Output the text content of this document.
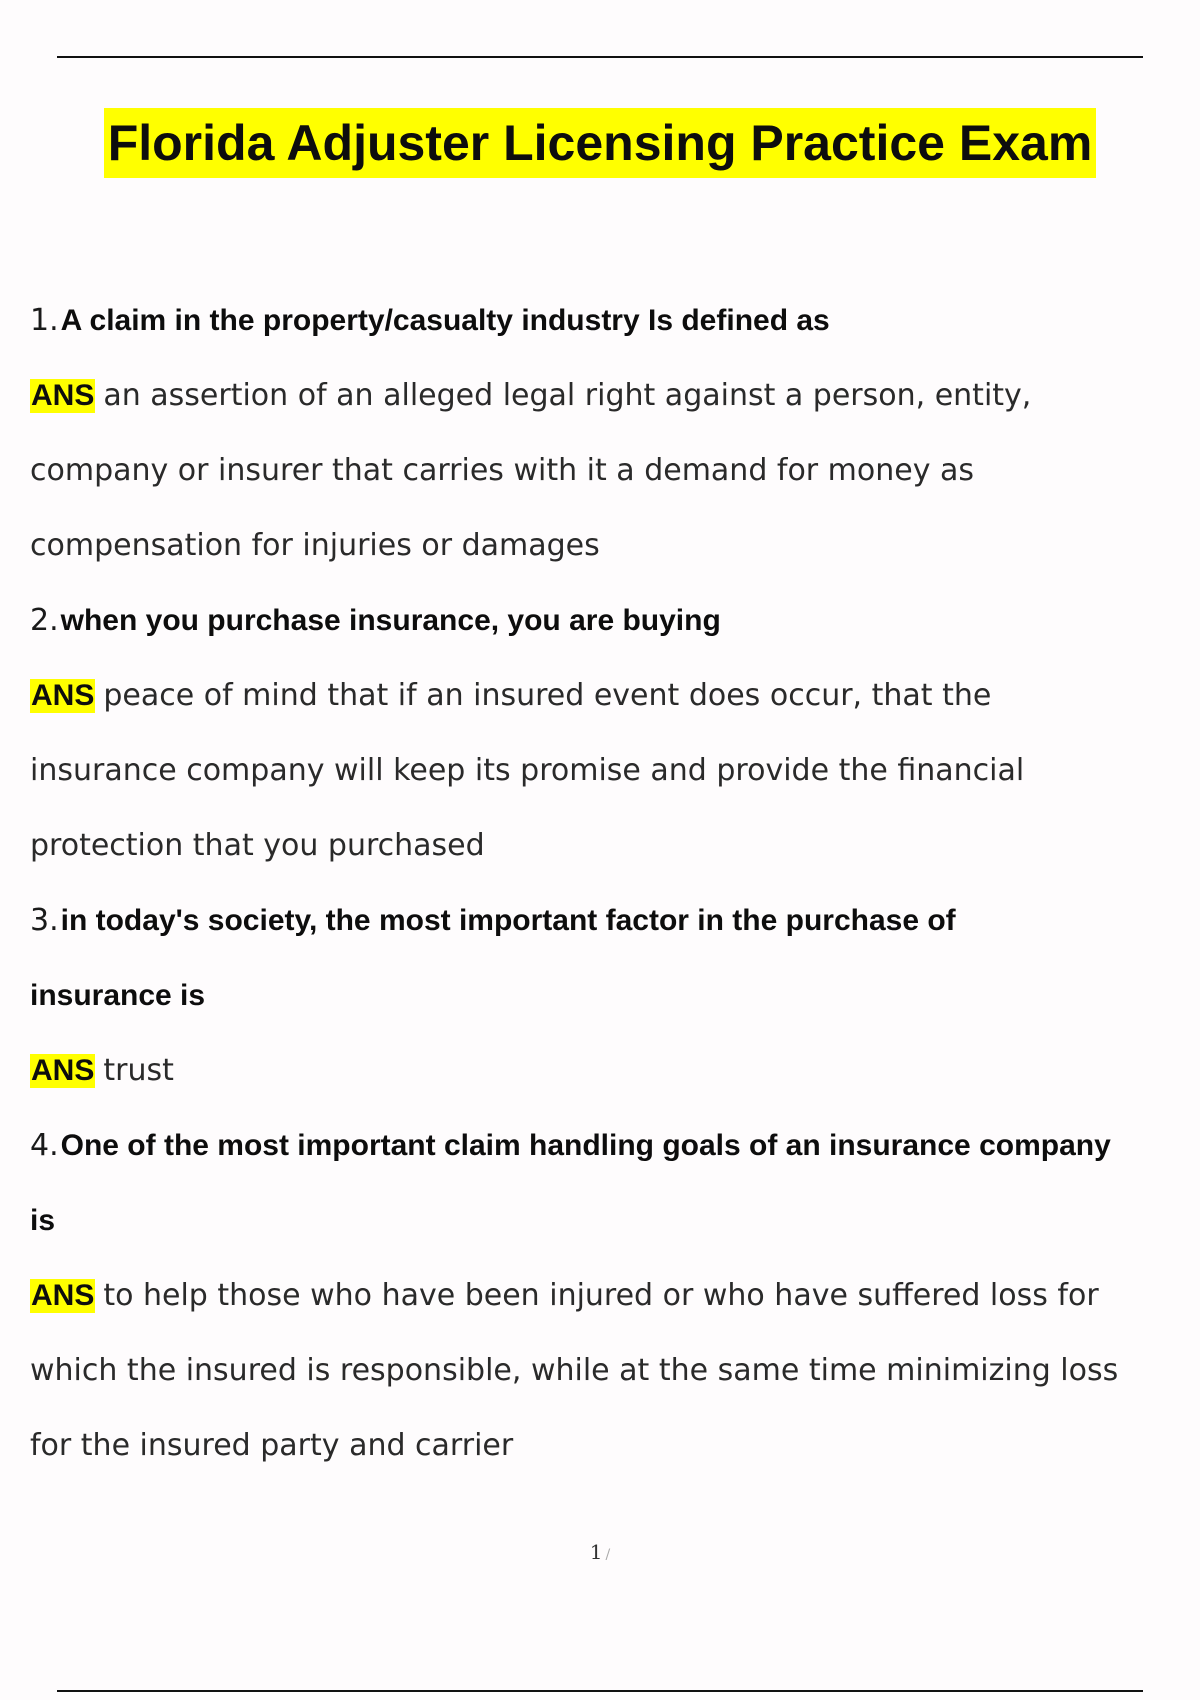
Florida Adjuster Licensing Practice Exam
1. A claim in the property/casualty industry Is defined as
ANS an assertion of an alleged legal right against a person, entity,
company or insurer that carries with it a demand for money as
compensation for injuries or damages
2. when you purchase insurance, you are buying
ANS peace of mind that if an insured event does occur, that the
insurance company will keep its promise and provide the financial
protection that you purchased
3. in today's society, the most important factor in the purchase of
insurance is
ANS trust
4. One of the most important claim handling goals of an insurance company
is
ANS to help those who have been injured or who have suffered loss for
which the insured is responsible, while at the same time minimizing loss
for the insured party and carrier
1 /
